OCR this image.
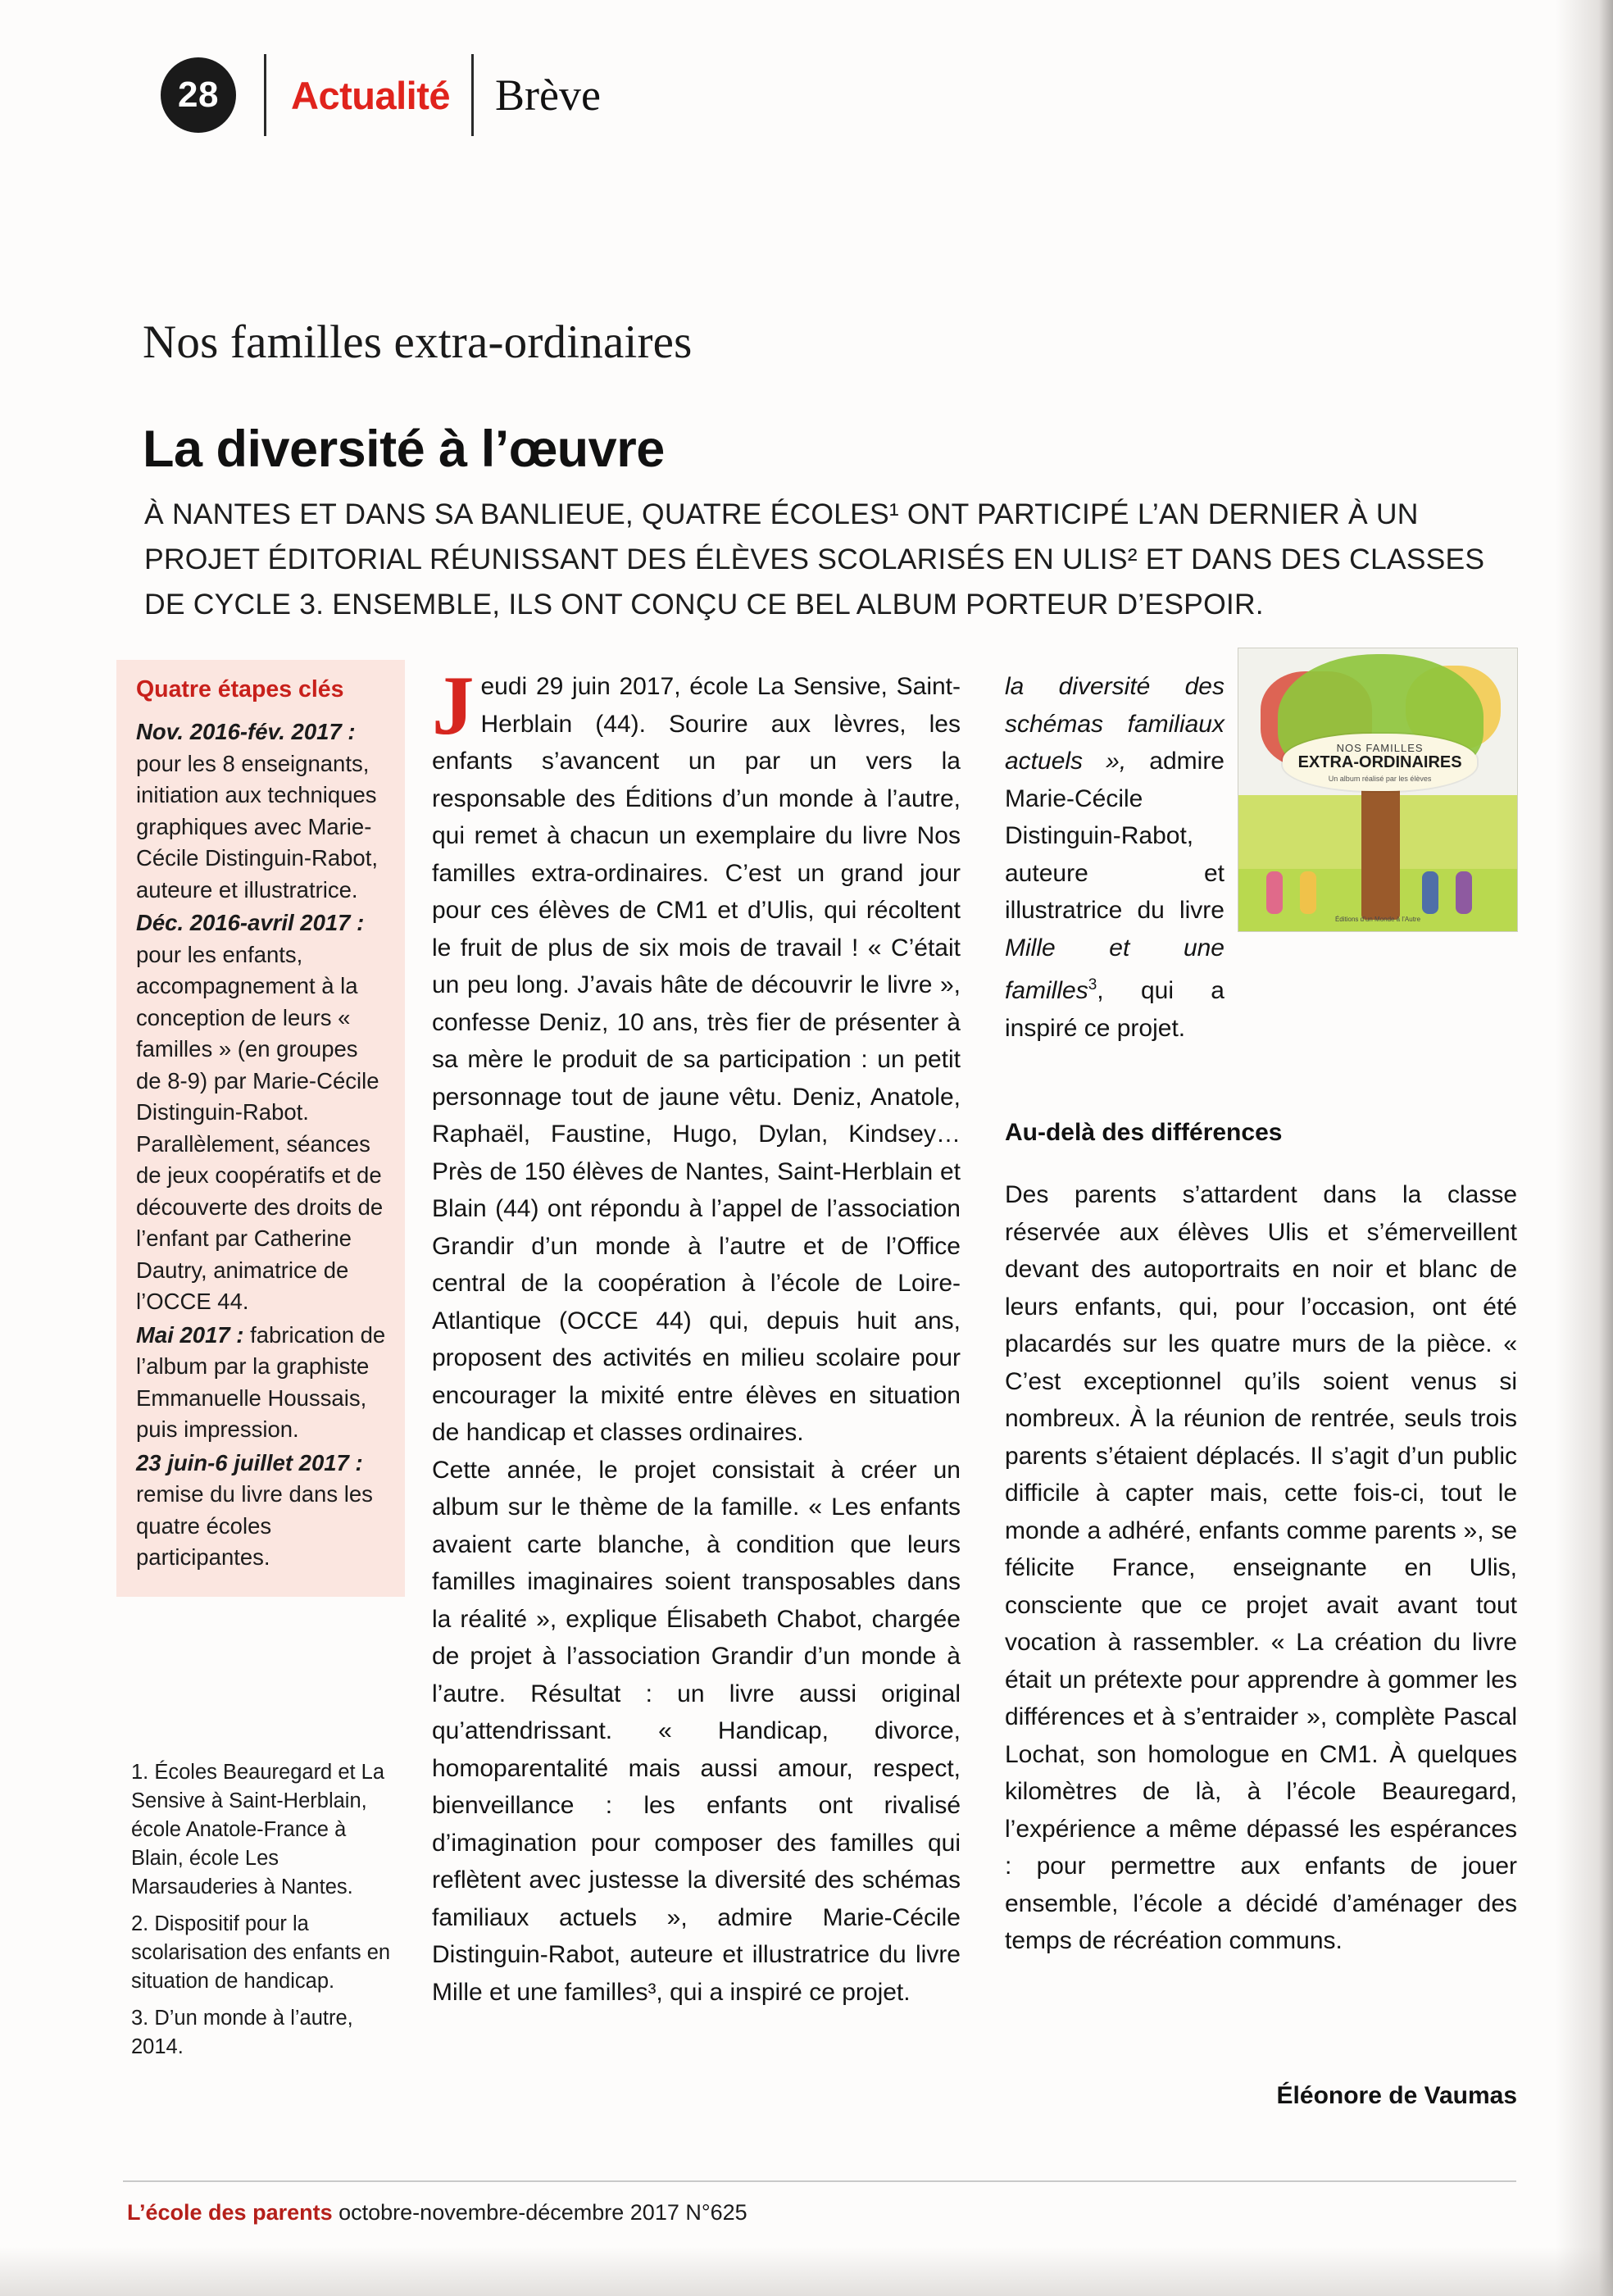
28	Actualité Brève
Nos familles extra-ordinaires
La diversité à l’œuvre
À NANTES ET DANS SA BANLIEUE, QUATRE ÉCOLES¹ ONT PARTICIPÉ L’AN DERNIER À UN PROJET ÉDITORIAL RÉUNISSANT DES ÉLÈVES SCOLARISÉS EN ULIS² ET DANS DES CLASSES DE CYCLE 3. ENSEMBLE, ILS ONT CONÇU CE BEL ALBUM PORTEUR D’ESPOIR.
Quatre étapes clés

Nov. 2016-fév. 2017 : pour les 8 enseignants, initiation aux techniques graphiques avec Marie-Cécile Distinguin-Rabot, auteure et illustratrice.

Déc. 2016-avril 2017 : pour les enfants, accompagnement à la conception de leurs « familles » (en groupes de 8-9) par Marie-Cécile Distinguin-Rabot. Parallèlement, séances de jeux coopératifs et de découverte des droits de l’enfant par Catherine Dautry, animatrice de l’OCCE 44.

Mai 2017 : fabrication de l’album par la graphiste Emmanuelle Houssais, puis impression.

23 juin-6 juillet 2017 : remise du livre dans les quatre écoles participantes.

1. Écoles Beauregard et La Sensive à Saint-Herblain, école Anatole-France à Blain, école Les Marsauderies à Nantes.

2. Dispositif pour la scolarisation des enfants en situation de handicap.

3. D’un monde à l’autre, 2014.

Jeudi 29 juin 2017, école La Sensive, Saint-Herblain (44). Sourire aux lèvres, les enfants s’avancent un par un vers la responsable des Éditions d’un monde à l’autre, qui remet à chacun un exemplaire du livre Nos familles extra-ordinaires. C’est un grand jour pour ces élèves de CM1 et d’Ulis, qui récoltent le fruit de plus de six mois de travail ! « C’était un peu long. J’avais hâte de découvrir le livre », confesse Deniz, 10 ans, très fier de présenter à sa mère le produit de sa participation : un petit personnage tout de jaune vêtu. Deniz, Anatole, Raphaël, Faustine, Hugo, Dylan, Kindsey… Près de 150 élèves de Nantes, Saint-Herblain et Blain (44) ont répondu à l’appel de l’association Grandir d’un monde à l’autre et de l’Office central de la coopération à l’école de Loire-Atlantique (OCCE 44) qui, depuis huit ans, proposent des activités en milieu scolaire pour encourager la mixité entre élèves en situation de handicap et classes ordinaires.

Cette année, le projet consistait à créer un album sur le thème de la famille. « Les enfants avaient carte blanche, à condition que leurs familles imaginaires soient transposables dans la réalité », explique Élisabeth Chabot, chargée de projet à l’association Grandir d’un monde à l’autre. Résultat : un livre aussi original qu’attendrissant. « Handicap, divorce, homoparentalité mais aussi amour, respect, bienveillance : les enfants ont rivalisé d’imagination pour composer des familles qui reflètent avec justesse la diversité des schémas familiaux actuels », admire Marie-Cécile Distinguin-Rabot, auteure et illustratrice du livre Mille et une familles³, qui a inspiré ce projet.

NOS FAMILLES
EXTRA-ORDINAIRES
Un album réalisé par les élèves
Éditions d’un Monde à l’Autre

la diversité des schémas familiaux actuels », admire Marie-Cécile Distinguin-Rabot, auteure et illustratrice du livre Mille et une familles$^3$, qui a inspiré ce projet.

Au-delà des différences

Des parents s’attardent dans la classe réservée aux élèves Ulis et s’émerveillent devant des autoportraits en noir et blanc de leurs enfants, qui, pour l’occasion, ont été placardés sur les quatre murs de la pièce. « C’est exceptionnel qu’ils soient venus si nombreux. À la réunion de rentrée, seuls trois parents s’étaient déplacés. Il s’agit d’un public difficile à capter mais, cette fois-ci, tout le monde a adhéré, enfants comme parents », se félicite France, enseignante en Ulis, consciente que ce projet avait avant tout vocation à rassembler. « La création du livre était un prétexte pour apprendre à gommer les différences et à s’entraider », complète Pascal Lochat, son homologue en CM1. À quelques kilomètres de là, à l’école Beauregard, l’expérience a même dépassé les espérances : pour permettre aux enfants de jouer ensemble, l’école a décidé d’aménager des temps de récréation communs.

Éléonore de Vaumas
L’école des parents octobre-novembre-décembre 2017 N°625
